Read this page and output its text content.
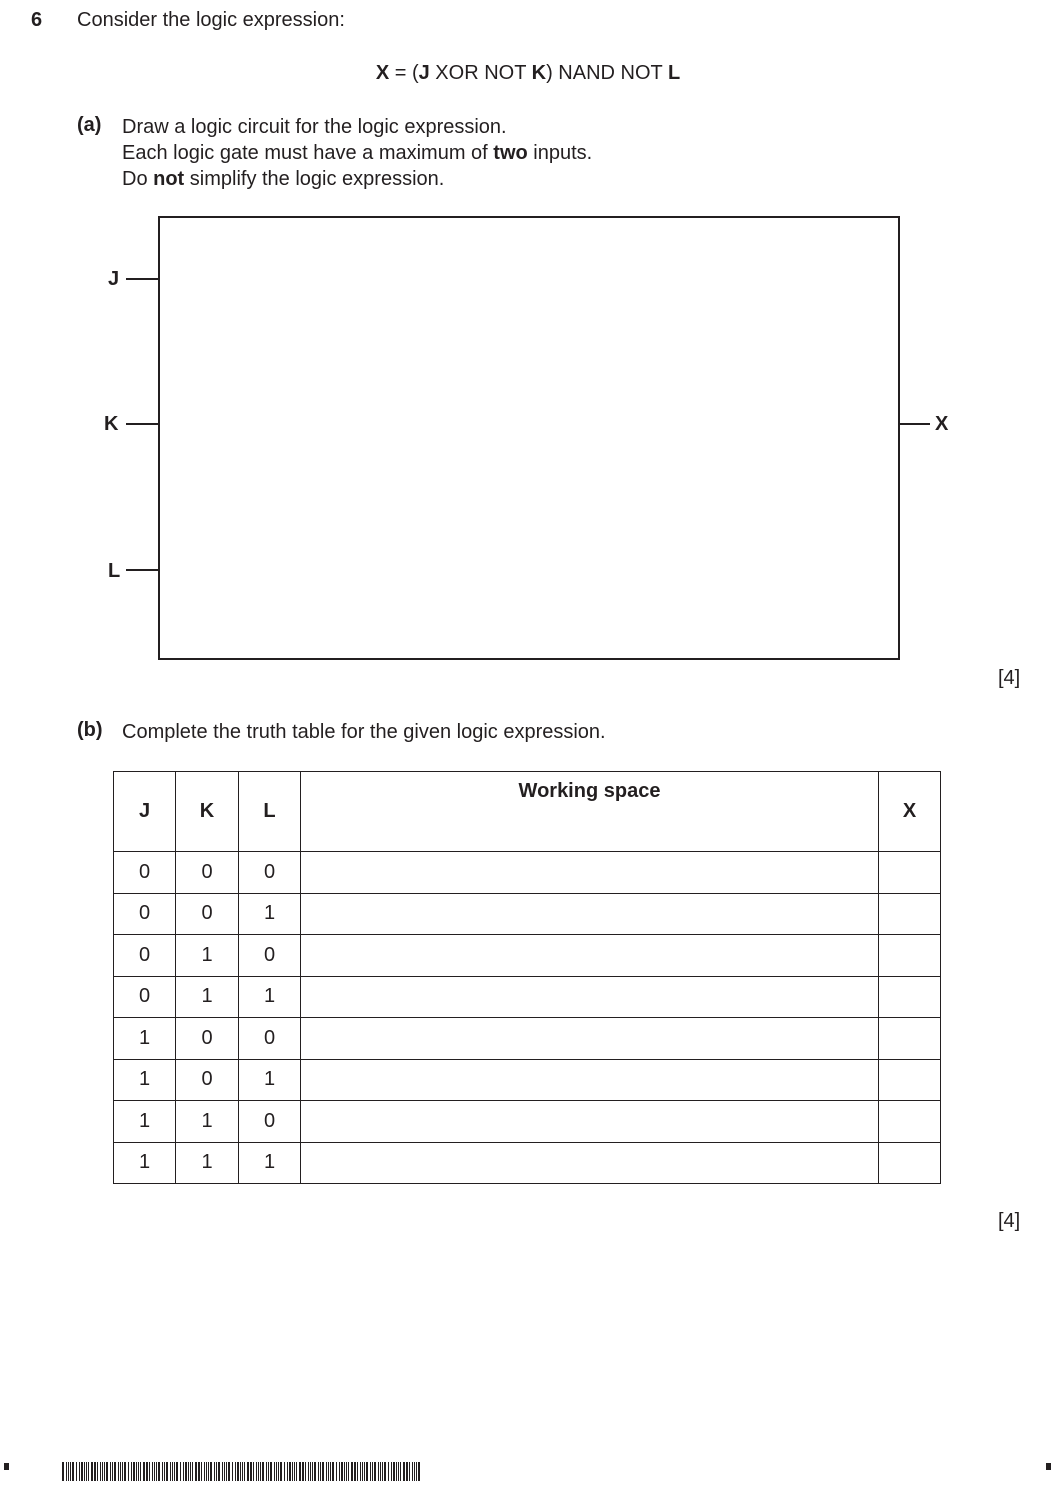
6 Consider the logic expression:
X = (J XOR NOT K) NAND NOT L
(a) Draw a logic circuit for the logic expression.
Each logic gate must have a maximum of two inputs.
Do not simplify the logic expression.
J
K
L
X
[4]
(b) Complete the truth table for the given logic expression.
J	K	L	Working space	X
0	0	0		
0	0	1		
0	1	0		
0	1	1		
1	0	0		
1	0	1		
1	1	0		
1	1	1		
[4]
